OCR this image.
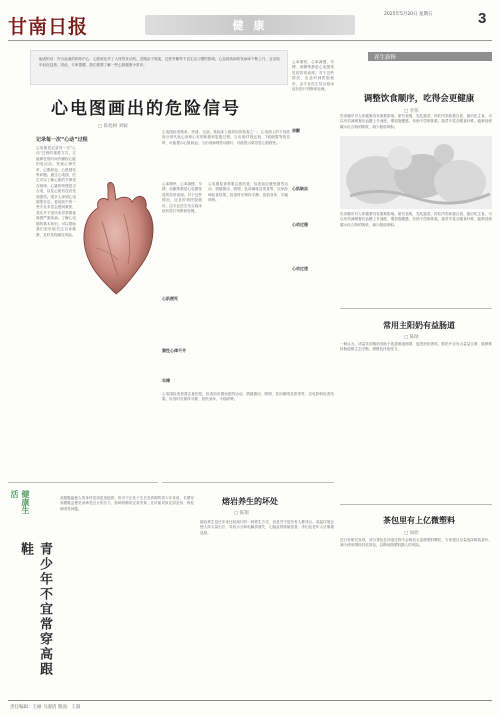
甘南日报	健 康
2025年5月20日 星期五	3
编者的话：作为血液的供给中心，心脏被比作了人体的发动机。近期由于熬夜、过度劳累等不良生活习惯的影响，心血管疾病的发病率不断上升，且呈现年轻化趋势。因此，专家提醒，我们需要了解一些心脏健康小常识。
心电图画出的危险信号
□ 陈旭树 刘颖
记录每一次“心动”过程
心电图是记录每一次“心动”过程的重要方式。它能够在短时间内捕捉心脏的电活动，发现心律失常、心肌缺血、心肌梗死等问题。通过心电图，医生可以了解心脏的节律是否规律，心跳的快慢是否合适，以及心脏有没有受到损伤。很多人拿到心电图报告后，看到其中的一些专业术语会感到紧张，其实并不是所有异常都意味着严重疾病。了解心电图的基本知识，可以帮助我们更好地关注自身健康，及时发现潜在风险。
心电图检查简单、快速、无创，是临床上最常用的检查之一。心电图上的不同波形分别代表心房和心室的除极和复极过程。当出现ST段压低、T波倒置等改变时，可能提示心肌缺血；当出现病理性Q波时，可能提示陈旧性心肌梗死。
心率增快、心率减慢、早搏、房颤等都是心电图常见的异常表现。对于这些情况，应及时到医院就诊，由专业医生结合临床症状进行判断和处理。
心电图检查需要注意的是，检查前应避免剧烈运动、情绪激动、吸烟、饮用咖啡及浓茶等，以免影响检查结果。检查时应保持平静，放松身体，平稳呼吸。
心肌梗死
窦性心律不齐
早搏
房颤
心肌缺血
心动过缓
心动过速
心率增快、心率减慢、早搏、房颤等都是心电图常见的异常表现。对于这些情况，应及时到医院就诊，由专业医生结合临床症状进行判断和处理。
心电图检查需要注意的是，检查前应避免剧烈运动、情绪激动、吸烟、饮用咖啡及浓茶等，以免影响检查结果。检查时应保持平静，放松身体，平稳呼吸。
养生新释
调整饮食顺序，吃得会更健康
□ 李伟
饮食顺序对人体健康具有重要影响。研究表明，先吃蔬菜、再吃肉类和蛋白质、最后吃主食，可以有效减缓餐后血糖上升速度，增加饱腹感，有助于控制体重。蔬菜中富含膳食纤维，能够延缓碳水化合物的吸收，减少脂肪堆积。
饮食顺序对人体健康具有重要影响。研究表明，先吃蔬菜、再吃肉类和蛋白质、最后吃主食，可以有效减缓餐后血糖上升速度，增加饱腹感，有助于控制体重。蔬菜中富含膳食纤维，能够延缓碳水化合物的吸收，减少脂肪堆积。
常用主阳奶有益肠道
□ 陈绿
一般认为，适量饮用酸奶有助于改善肠道菌群，促进消化吸收。酸奶中含有大量益生菌，能够维持肠道微生态平衡，增强机体免疫力。
茶包里有上亿微塑料
□ 如欣
近日有研究发现，部分茶包在冲泡过程中会释放大量微塑料颗粒。专家建议尽量选择散装茶叶，减少使用塑料材质茶包，以降低微塑料摄入的风险。
熔岩养生的坏处
□ 陈翔
熔岩养生是近年来比较流行的一种养生方式，但是并不是所有人都适合。高温环境会使人体大量出汗，导致水分和电解质流失，心脑血管疾病患者、孕妇及老年人应慎重选择。
健康生活
青少年不宜常穿高跟鞋
高跟鞋能使人的身材显得更加挺拔，但对于正处于生长发育期的青少年来说，长期穿高跟鞋会使足部承受过大的压力，影响骨骼的正常发育，还可能导致足部变形、脊柱侧弯等问题。
责任编辑：王丽 马淑清 版面：王淑
